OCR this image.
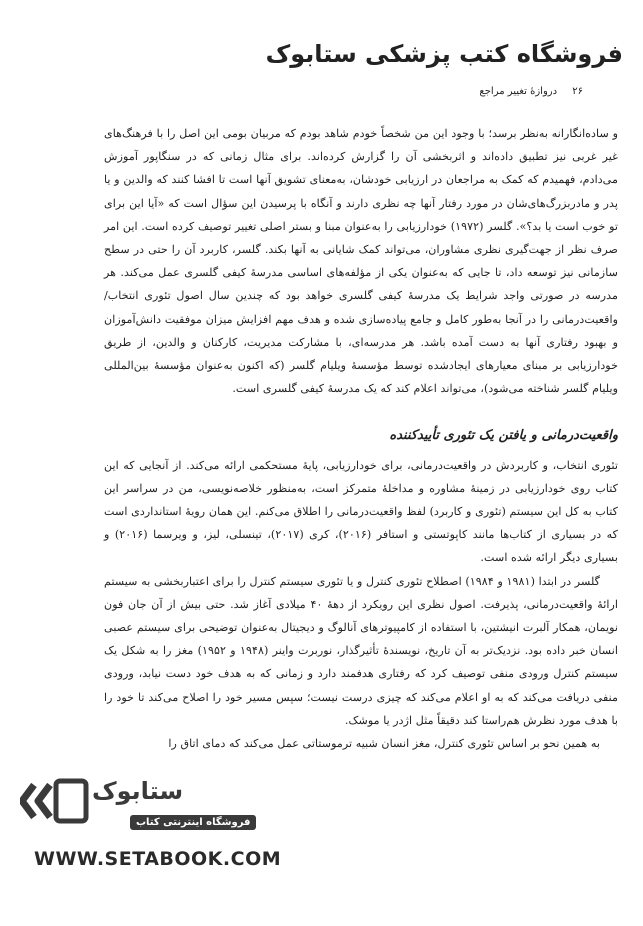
فروشگاه کتب پزشکی ستابوک
۲۶ دروازهٔ تغییر مراجع

و ساده‌انگارانه به‌نظر برسد؛ با وجود این من شخصاً خودم شاهد بودم که مربیان بومی این اصل را با فرهنگ‌های غیر غربی نیز تطبیق داده‌اند و اثربخشی آن را گزارش کرده‌اند. برای مثال زمانی که در سنگاپور آموزش می‌دادم، فهمیدم که کمک به مراجعان در ارزیابی خودشان، به‌معنای تشویق آنها است تا افشا کنند که والدین و یا پدر و مادربزرگ‌های‌شان در مورد رفتار آنها چه نظری دارند و آنگاه با پرسیدن این سؤال است که «آیا این برای تو خوب است یا بد؟». گلسر (۱۹۷۲) خودارزیابی را به‌عنوان مبنا و بستر اصلی تغییر توصیف کرده است. این امر صرف نظر از جهت‌گیری نظری مشاوران، می‌تواند کمک شایانی به آنها بکند. گلسر، کاربرد آن را حتی در سطح سازمانی نیز توسعه داد، تا جایی که به‌عنوان یکی از مؤلفه‌های اساسی مدرسهٔ کیفی گلسری عمل می‌کند. هر مدرسه در صورتی واجد شرایط یک مدرسهٔ کیفی گلسری خواهد بود که چندین سال اصول تئوری انتخاب/واقعیت‌درمانی را در آنجا به‌طور کامل و جامع پیاده‌سازی شده و هدف مهم افزایش میزان موفقیت دانش‌آموزان و بهبود رفتاری آنها به دست آمده باشد. هر مدرسه‌ای، با مشارکت مدیریت، کارکنان و والدین، از طریق خودارزیابی بر مبنای معیارهای ایجادشده توسط مؤسسهٔ ویلیام گلسر (که اکنون به‌عنوان مؤسسهٔ بین‌المللی ویلیام گلسر شناخته می‌شود)، می‌تواند اعلام کند که یک مدرسهٔ کیفی گلسری است.

واقعیت‌درمانی و یافتن یک تئوری تأییدکننده

تئوری انتخاب، و کاربردش در واقعیت‌درمانی، برای خودارزیابی، پایهٔ مستحکمی ارائه می‌کند. از آنجایی که این کتاب روی خودارزیابی در زمینهٔ مشاوره و مداخلهٔ متمرکز است، به‌منظور خلاصه‌نویسی، من در سراسر این کتاب به کل این سیستم (تئوری و کاربرد) لفظ واقعیت‌درمانی را اطلاق می‌کنم. این همان رویهٔ استانداردی است که در بسیاری از کتاب‌ها مانند کاپوتستی و استافر (۲۰۱۶)، کری (۲۰۱۷)، تینسلی، لیز، و ویرسما (۲۰۱۶) و بسیاری دیگر ارائه شده است.

گلسر در ابتدا (۱۹۸۱ و ۱۹۸۴) اصطلاح تئوری کنترل و یا تئوری سیستم کنترل را برای اعتباربخشی به سیستم ارائهٔ واقعیت‌درمانی، پذیرفت. اصول نظری این رویکرد از دههٔ ۴۰ میلادی آغاز شد. حتی بیش از آن جان فون نویمان، همکار آلبرت انیشتین، با استفاده از کامپیوترهای آنالوگ و دیجیتال به‌عنوان توضیحی برای سیستم عصبی انسان خبر داده بود. نزدیک‌تر به آن تاریخ، نویسندهٔ تأثیرگذار، نوربرت واینر (۱۹۴۸ و ۱۹۵۲) مغز را به شکل یک سیستم کنترل ورودی منفی توصیف کرد که رفتاری هدفمند دارد و زمانی که به هدف خود دست نیابد، ورودی منفی دریافت می‌کند که به او اعلام می‌کند که چیزی درست نیست؛ سپس مسیر خود را اصلاح می‌کند تا خود را با هدف مورد نظرش هم‌راستا کند دقیقاً مثل اژدر یا موشک.

به همین نحو بر اساس تئوری کنترل، مغز انسان شبیه ترموستاتی عمل می‌کند که دمای اتاق را

ستابوک
فروشگاه اینترنتی کتاب
WWW.SETABOOK.COM
